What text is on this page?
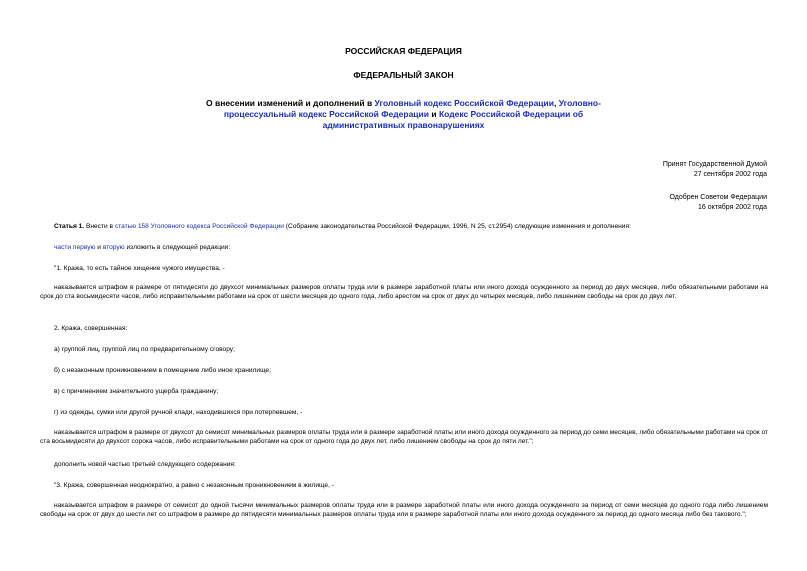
РОССИЙСКАЯ ФЕДЕРАЦИЯ
ФЕДЕРАЛЬНЫЙ ЗАКОН
О внесении изменений и дополнений в Уголовный кодекс Российской Федерации, Уголовно-процессуальный кодекс Российской Федерации и Кодекс Российской Федерации об административных правонарушениях
Принят Государственной Думой
27 сентября 2002 года
Одобрен Советом Федерации
16 октября 2002 года

Статья 1. Внести в статью 158 Уголовного кодекса Российской Федерации (Собрание законодательства Российской Федерации, 1996, N 25, ст.2954) следующие изменения и дополнения:

части первую и вторую изложить в следующей редакции:

"1. Кража, то есть тайное хищение чужого имущества, -

наказывается штрафом в размере от пятидесяти до двухсот минимальных размеров оплаты труда или в размере заработной платы или иного дохода осужденного за период до двух месяцев, либо обязательными работами на срок до ста восьмидесяти часов, либо исправительными работами на срок от шести месяцев до одного года, либо арестом на срок от двух до четырех месяцев, либо лишением свободы на срок до двух лет.

2. Кража, совершенная:

а) группой лиц, группой лиц по предварительному сговору;

б) с незаконным проникновением в помещение либо иное хранилище;

в) с причинением значительного ущерба гражданину;

г) из одежды, сумки или другой ручной клади, находившихся при потерпевшем, -

наказывается штрафом в размере от двухсот до семисот минимальных размеров оплаты труда или в размере заработной платы или иного дохода осужденного за период до семи месяцев, либо обязательными работами на срок от ста восьмидесяти до двухсот сорока часов, либо исправительными работами на срок от одного года до двух лет, либо лишением свободы на срок до пяти лет.";

дополнить новой частью третьей следующего содержания:

"3. Кража, совершенная неоднократно, а равно с незаконным проникновением в жилище, -

наказывается штрафом в размере от семисот до одной тысячи минимальных размеров оплаты труда или в размере заработной платы или иного дохода осужденного за период от семи месяцев до одного года либо лишением свободы на срок от двух до шести лет со штрафом в размере до пятидесяти минимальных размеров оплаты труда или в размере заработной платы или иного дохода осужденного за период до одного месяца либо без такового.";
